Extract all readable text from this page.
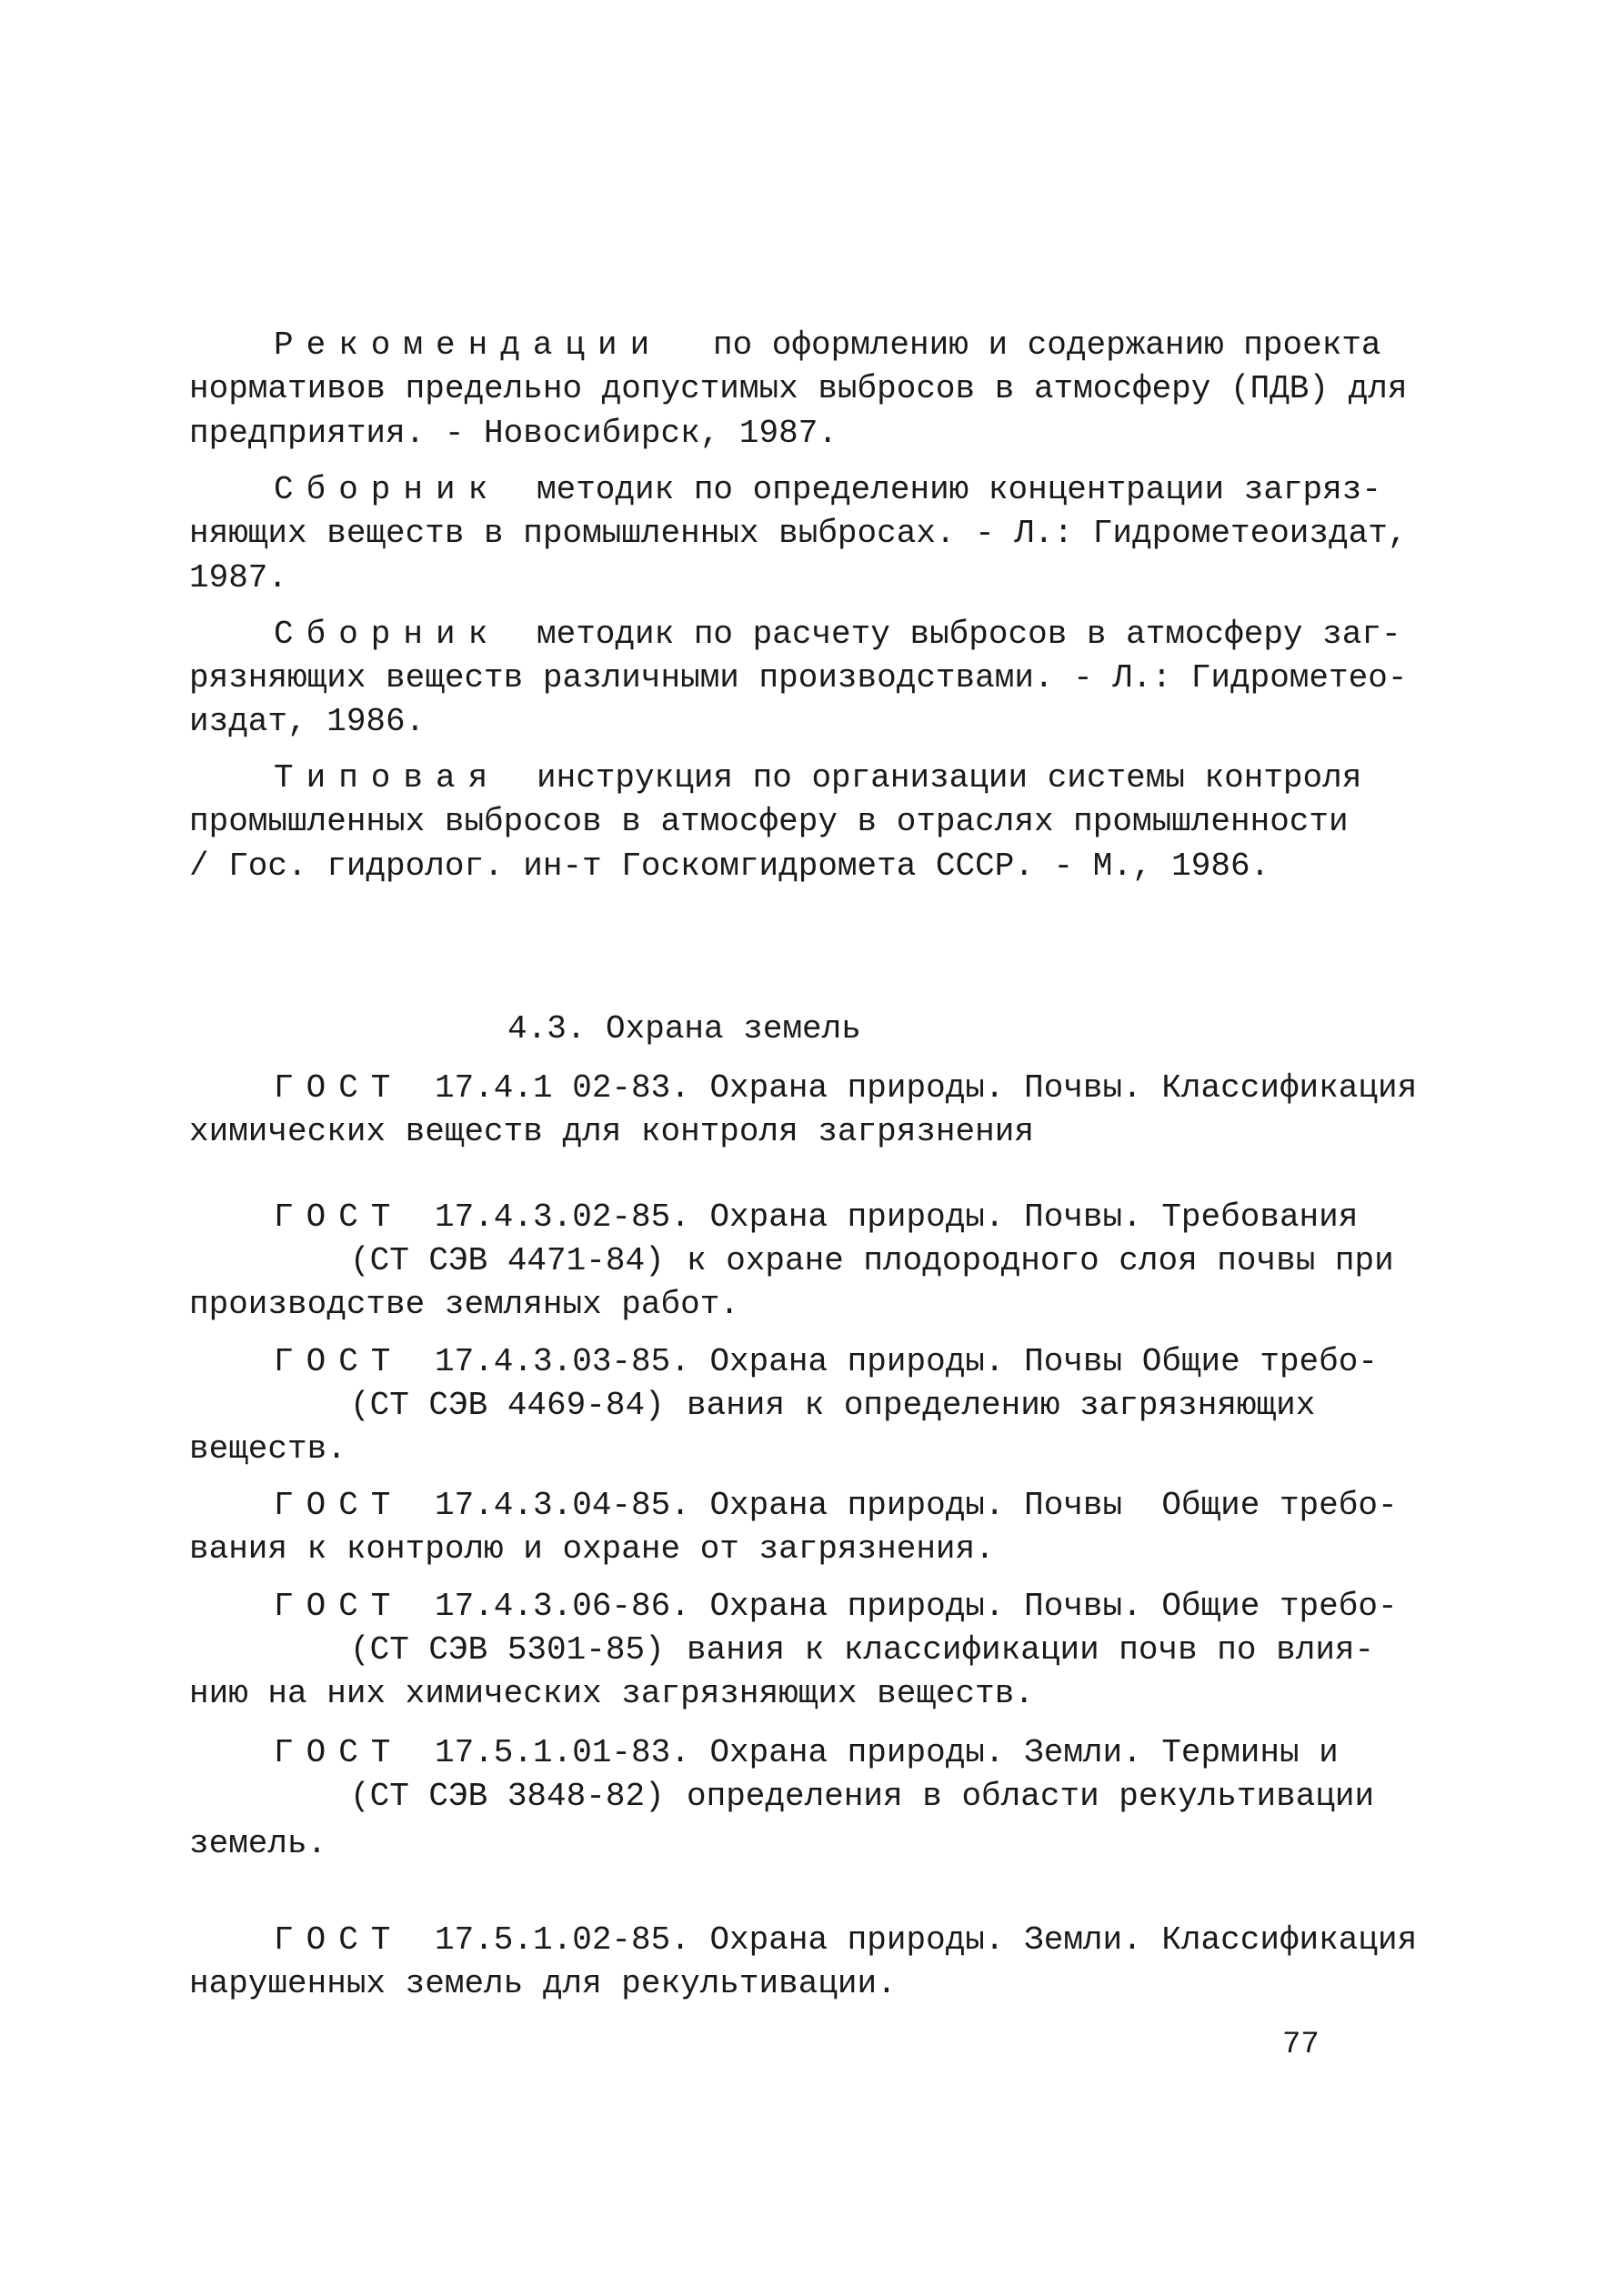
Рекомендации по оформлению и содержанию проекта
нормативов предельно допустимых выбросов в атмосферу (ПДВ) для
предприятия. - Новосибирск, 1987.
Сборник методик по определению концентрации загряз-
няющих веществ в промышленных выбросах. - Л.: Гидрометеоиздат,
1987.
Сборник методик по расчету выбросов в атмосферу заг-
рязняющих веществ различными производствами. - Л.: Гидрометео-
издат, 1986.
Типовая инструкция по организации системы контроля
промышленных выбросов в атмосферу в отраслях промышленности
/ Гос. гидролог. ин-т Госкомгидромета СССР. - М., 1986.
4.3. Охрана земель
ГОСТ 17.4.1 02-83. Охрана природы. Почвы. Классификация
химических веществ для контроля загрязнения
ГОСТ 17.4.3.02-85. Охрана природы. Почвы. Требования
(СТ СЭВ 4471-84) к охране плодородного слоя почвы при
производстве земляных работ.
ГОСТ 17.4.3.03-85. Охрана природы. Почвы Общие требо-
(СТ СЭВ 4469-84) вания к определению загрязняющих
веществ.
ГОСТ 17.4.3.04-85. Охрана природы. Почвы  Общие требо-
вания к контролю и охране от загрязнения.
ГОСТ 17.4.3.06-86. Охрана природы. Почвы. Общие требо-
(СТ СЭВ 5301-85) вания к классификации почв по влия-
нию на них химических загрязняющих веществ.
ГОСТ 17.5.1.01-83. Охрана природы. Земли. Термины и
(СТ СЭВ 3848-82) определения в области рекультивации
земель.
ГОСТ 17.5.1.02-85. Охрана природы. Земли. Классификация
нарушенных земель для рекультивации.
77
